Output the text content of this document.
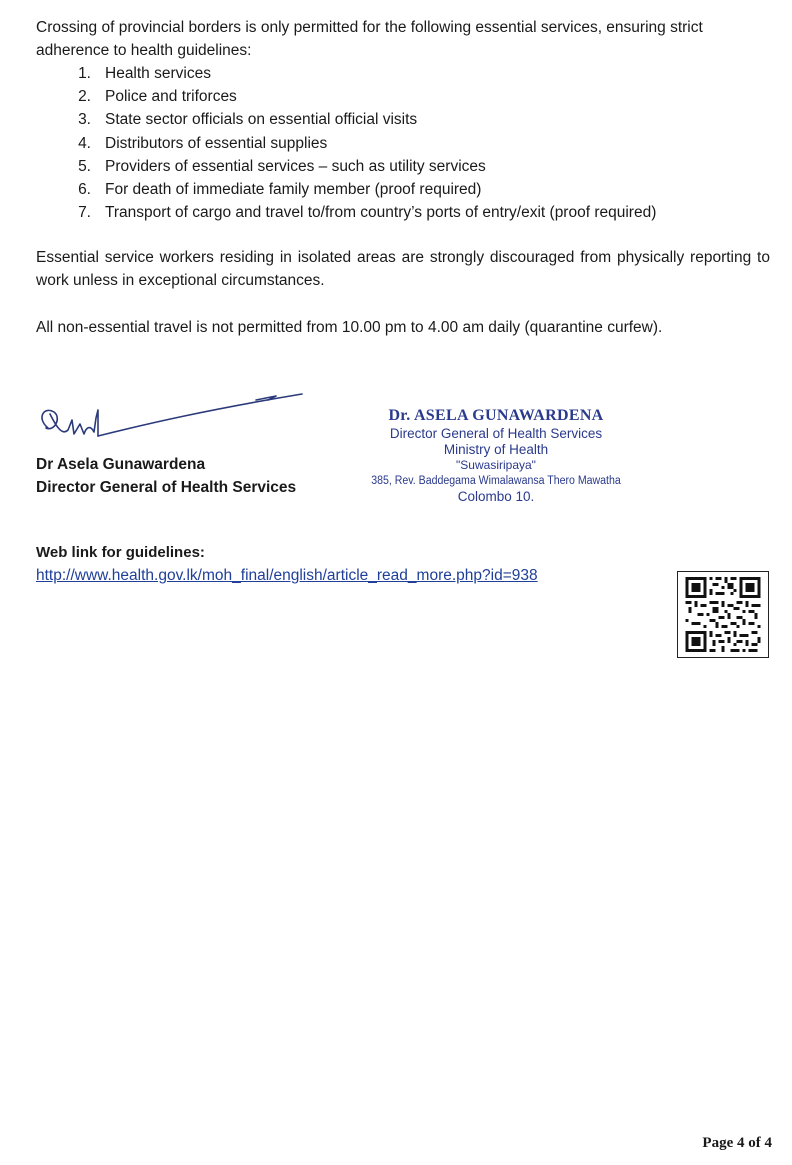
Crossing of provincial borders is only permitted for the following essential services, ensuring strict adherence to health guidelines:

1. Health services
2. Police and triforces
3. State sector officials on essential official visits
4. Distributors of essential supplies
5. Providers of essential services – such as utility services
6. For death of immediate family member (proof required)
7. Transport of cargo and travel to/from country’s ports of entry/exit (proof required)

Essential service workers residing in isolated areas are strongly discouraged from physically reporting to work unless in exceptional circumstances.

All non-essential travel is not permitted from 10.00 pm to 4.00 am daily (quarantine curfew).

Dr Asela Gunawardena
Director General of Health Services

Dr. ASELA GUNAWARDENA
Director General of Health Services
Ministry of Health
"Suwasiripaya"
385, Rev. Baddegama Wimalawansa Thero Mawatha
Colombo 10.

Web link for guidelines:

http://www.health.gov.lk/moh_final/english/article_read_more.php?id=938

Page 4 of 4
